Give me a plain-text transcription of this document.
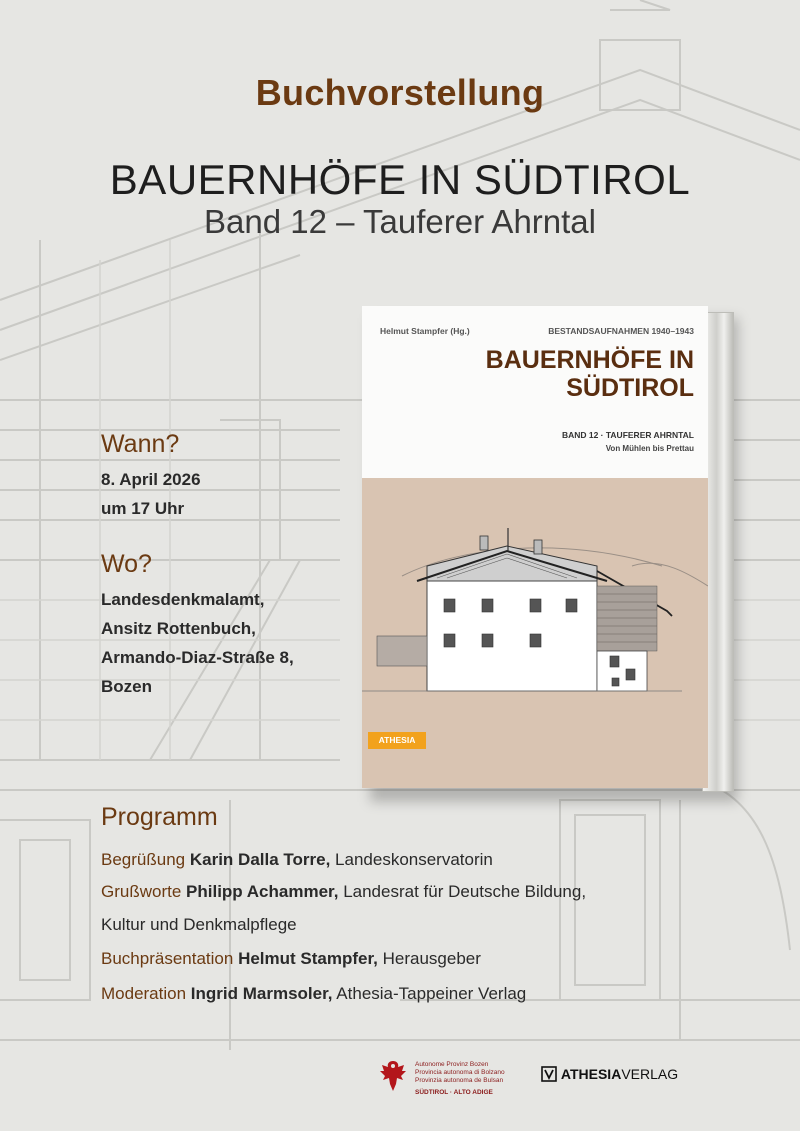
Buchvorstellung
BAUERNHÖFE IN SÜDTIROL
Band 12 – Tauferer Ahrntal
Wann?
8. April 2026
um 17 Uhr
Wo?
Landesdenkmalamt,
Ansitz Rottenbuch,
Armando-Diaz-Straße 8,
Bozen
Helmut Stampfer (Hg.)	BESTANDSAUFNAHMEN 1940–1943
BAUERNHÖFE IN
SÜDTIROL
BAND 12 · TAUFERER AHRNTAL
Von Mühlen bis Prettau
ATHESIA
Programm
Begrüßung Karin Dalla Torre, Landeskonservatorin
Grußworte Philipp Achammer, Landesrat für Deutsche Bildung,
Kultur und Denkmalpflege
Buchpräsentation Helmut Stampfer, Herausgeber
Moderation Ingrid Marmsoler, Athesia-Tappeiner Verlag
Autonome Provinz Bozen
Provincia autonoma di Bolzano
Provinzia autonoma de Bulsan
SÜDTIROL · ALTO ADIGE
ATHESIAVERLAG
